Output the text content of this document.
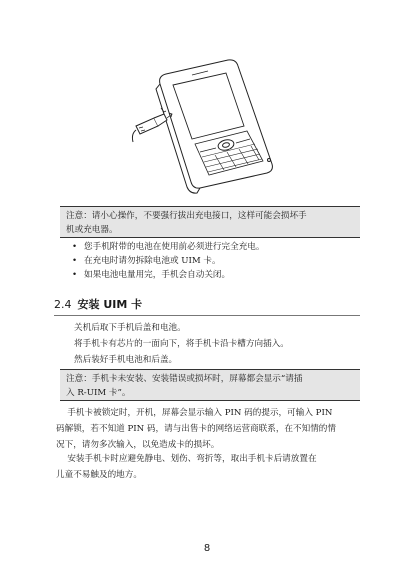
注意：请小心操作，不要强行拔出充电接口，这样可能会损坏手
机或充电器。
• 您手机附带的电池在使用前必须进行完全充电。
• 在充电时请勿拆除电池或 UIM 卡。
• 如果电池电量用完，手机会自动关闭。
2.4 安装 UIM 卡
关机后取下手机后盖和电池。
将手机卡有芯片的一面向下，将手机卡沿卡槽方向插入。
然后装好手机电池和后盖。
注意：手机卡未安装、安装错误或损坏时，屏幕都会显示“请插
入 R-UIM 卡”。
　 手机卡被锁定时，开机，屏幕会显示输入 PIN 码的提示，可输入 PIN
码解锁，若不知道 PIN 码，请与出售卡的网络运营商联系，在不知情的情
况下，请勿多次输入，以免造成卡的损坏。
　 安装手机卡时应避免静电、划伤、弯折等，取出手机卡后请放置在
儿童不易触及的地方。
8
